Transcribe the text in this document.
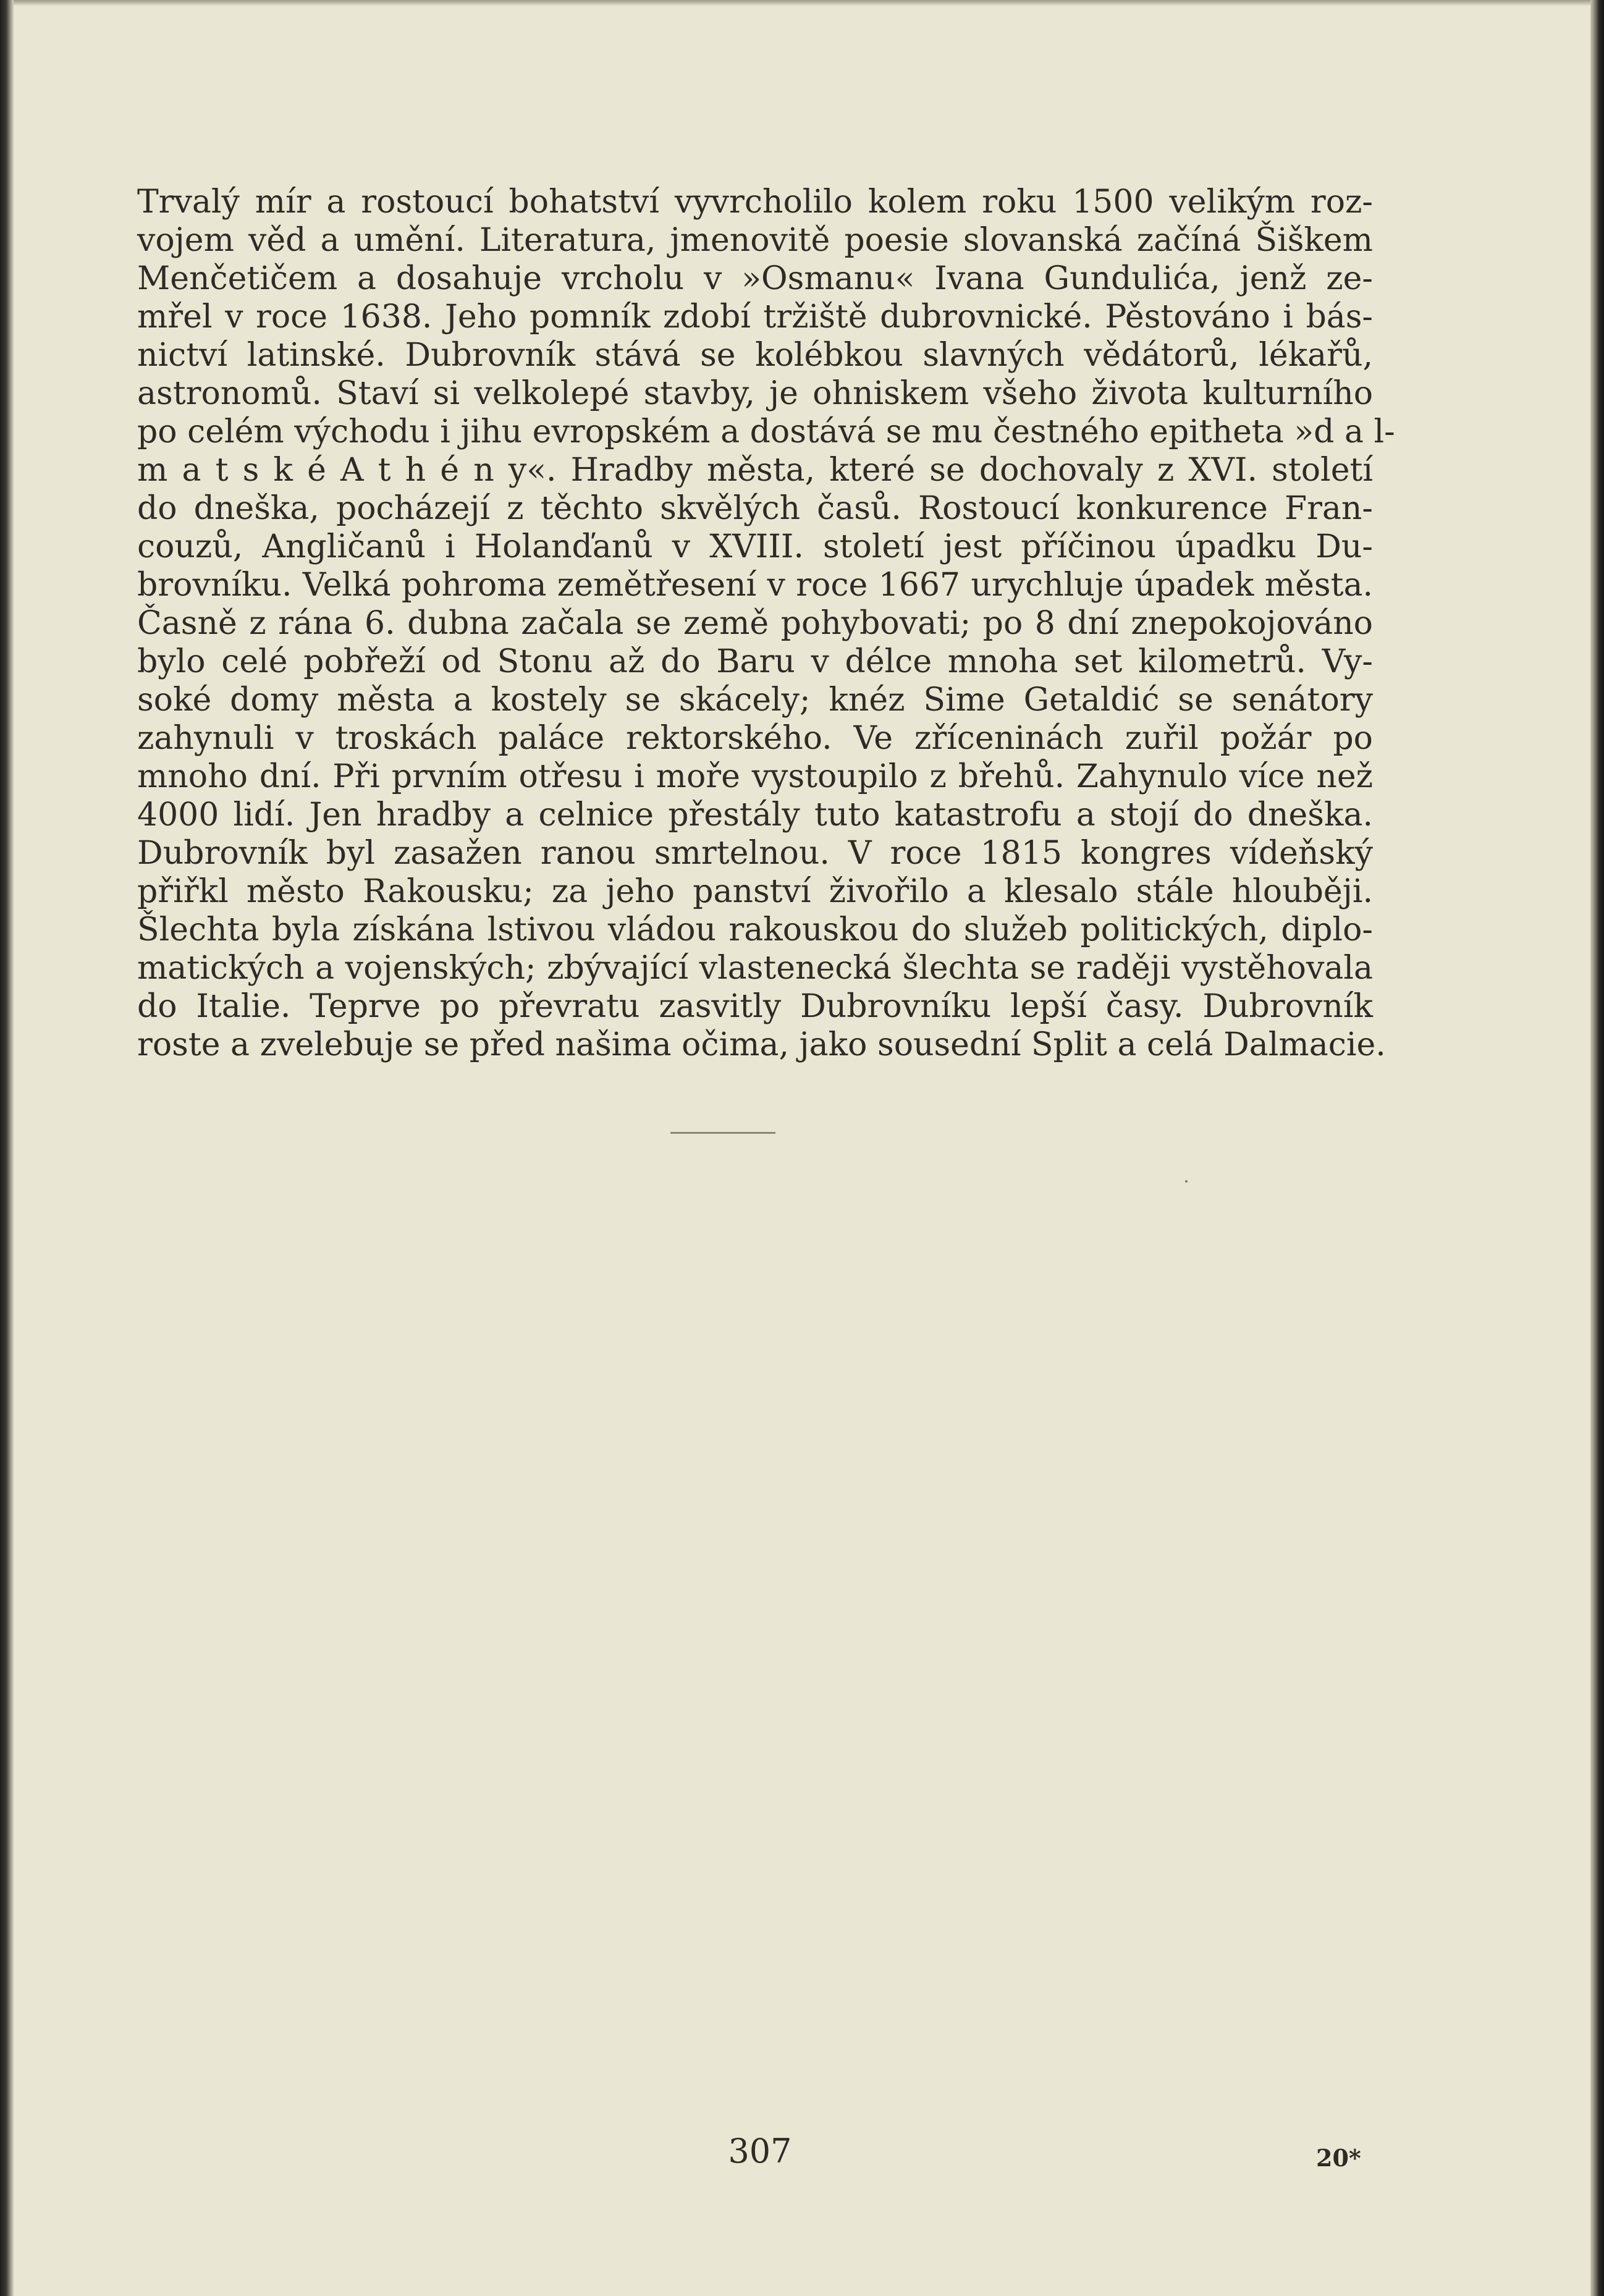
Trvalý mír a rostoucí bohatství vyvrcholilo kolem roku 1500 velikým roz-
vojem věd a umění. Literatura, jmenovitě poesie slovanská začíná Šiškem
Menčetičem a dosahuje vrcholu v »Osmanu« Ivana Gundulića, jenž ze-
mřel v roce 1638. Jeho pomník zdobí tržiště dubrovnické. Pěstováno i bás-
nictví latinské. Dubrovník stává se kolébkou slavných vědátorů, lékařů,
astronomů. Staví si velkolepé stavby, je ohniskem všeho života kulturního
po celém východu i jihu evropském a dostává se mu čestného epitheta »d a l-
m a t s k é A t h é n y«. Hradby města, které se dochovaly z XVI. století
do dneška, pocházejí z těchto skvělých časů. Rostoucí konkurence Fran-
couzů, Angličanů i Holanďanů v XVIII. století jest příčinou úpadku Du-
brovníku. Velká pohroma zemětřesení v roce 1667 urychluje úpadek města.
Časně z rána 6. dubna začala se země pohybovati; po 8 dní znepokojováno
bylo celé pobřeží od Stonu až do Baru v délce mnoha set kilometrů. Vy-
soké domy města a kostely se skácely; knéz Sime Getaldić se senátory
zahynuli v troskách paláce rektorského. Ve zříceninách zuřil požár po
mnoho dní. Při prvním otřesu i moře vystoupilo z břehů. Zahynulo více než
4000 lidí. Jen hradby a celnice přestály tuto katastrofu a stojí do dneška.
Dubrovník byl zasažen ranou smrtelnou. V roce 1815 kongres vídeňský
přiřkl město Rakousku; za jeho panství živořilo a klesalo stále hlouběji.
Šlechta byla získána lstivou vládou rakouskou do služeb politických, diplo-
matických a vojenských; zbývající vlastenecká šlechta se raději vystěhovala
do Italie. Teprve po převratu zasvitly Dubrovníku lepší časy. Dubrovník
roste a zvelebuje se před našima očima, jako sousední Split a celá Dalmacie.
307	20*
